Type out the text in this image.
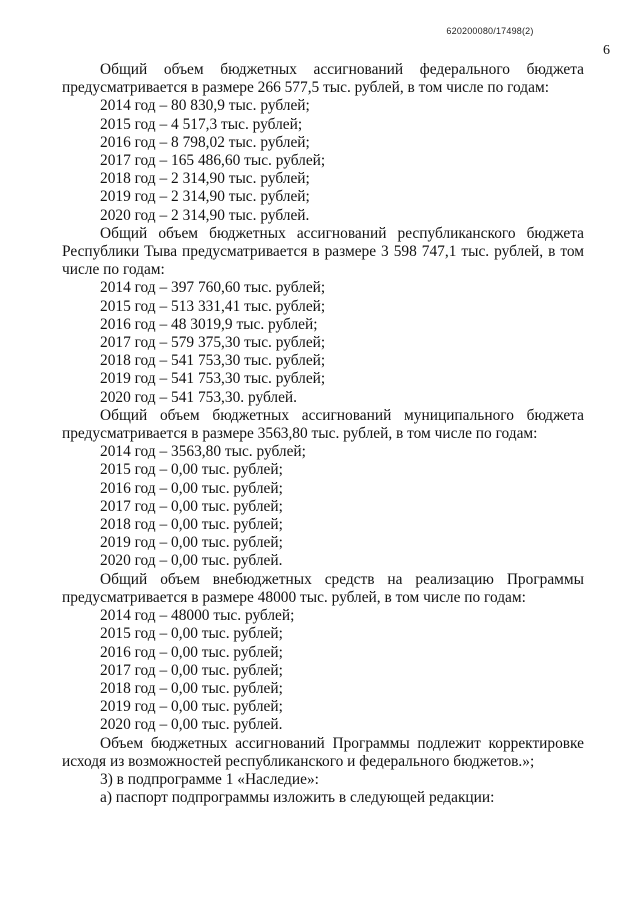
620200080/17498(2)
6

Общий объем бюджетных ассигнований федерального бюджета предусматривается в размере 266 577,5 тыс. рублей, в том числе по годам:

2014 год – 80 830,9 тыс. рублей;

2015 год – 4 517,3 тыс. рублей;

2016 год – 8 798,02 тыс. рублей;

2017 год – 165 486,60 тыс. рублей;

2018 год – 2 314,90 тыс. рублей;

2019 год – 2 314,90 тыс. рублей;

2020 год – 2 314,90 тыс. рублей.

Общий объем бюджетных ассигнований республиканского бюджета Республики Тыва предусматривается в размере 3 598 747,1 тыс. рублей, в том числе по годам:

2014 год – 397 760,60 тыс. рублей;

2015 год – 513 331,41 тыс. рублей;

2016 год – 48 3019,9 тыс. рублей;

2017 год – 579 375,30 тыс. рублей;

2018 год – 541 753,30 тыс. рублей;

2019 год – 541 753,30 тыс. рублей;

2020 год – 541 753,30. рублей.

Общий объем бюджетных ассигнований муниципального бюджета предусматривается в размере 3563,80 тыс. рублей, в том числе по годам:

2014 год – 3563,80 тыс. рублей;

2015 год – 0,00 тыс. рублей;

2016 год – 0,00 тыс. рублей;

2017 год – 0,00 тыс. рублей;

2018 год – 0,00 тыс. рублей;

2019 год – 0,00 тыс. рублей;

2020 год – 0,00 тыс. рублей.

Общий объем внебюджетных средств на реализацию Программы предусматривается в размере 48000 тыс. рублей, в том числе по годам:

2014 год – 48000 тыс. рублей;

2015 год – 0,00 тыс. рублей;

2016 год – 0,00 тыс. рублей;

2017 год – 0,00 тыс. рублей;

2018 год – 0,00 тыс. рублей;

2019 год – 0,00 тыс. рублей;

2020 год – 0,00 тыс. рублей.

Объем бюджетных ассигнований Программы подлежит корректировке исходя из возможностей республиканского и федерального бюджетов.»;

3) в подпрограмме 1 «Наследие»:

а) паспорт подпрограммы изложить в следующей редакции:
